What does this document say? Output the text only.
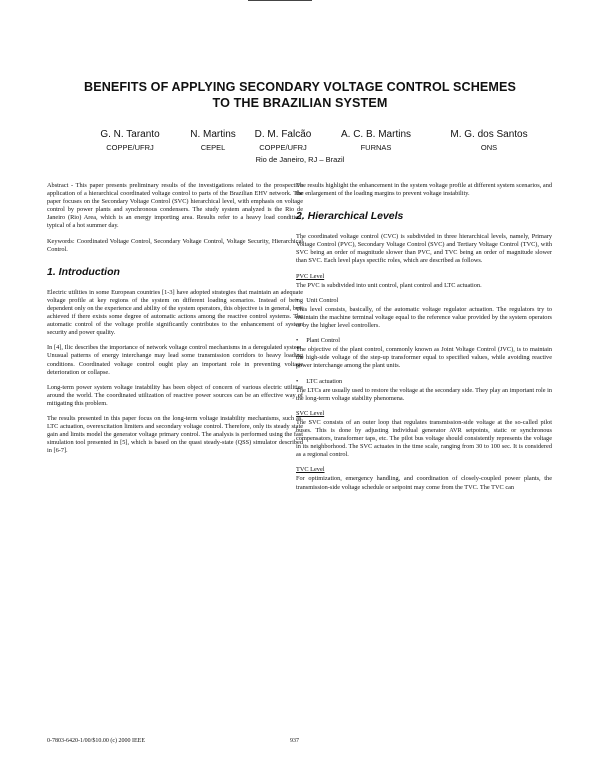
BENEFITS OF APPLYING SECONDARY VOLTAGE CONTROL SCHEMES
TO THE BRAZILIAN SYSTEM
G. N. Taranto
COPPE/UFRJ
N. Martins
CEPEL
D. M. Falcão
COPPE/UFRJ
A. C. B. Martins
FURNAS
M. G. dos Santos
ONS
Rio de Janeiro, RJ – Brazil

Abstract - This paper presents preliminary results of the investigations related to the prospective application of a hierarchical coordinated voltage control to parts of the Brazilian EHV network. The paper focuses on the Secondary Voltage Control (SVC) hierarchical level, with emphasis on voltage control by power plants and synchronous condensers. The study system analyzed is the Rio de Janeiro (Rio) Area, which is an energy importing area. Results refer to a heavy load condition, typical of a hot summer day.

Keywords: Coordinated Voltage Control, Secondary Voltage Control, Voltage Security, Hierarchical Control.

1. Introduction

Electric utilities in some European countries [1-3] have adopted strategies that maintain an adequate voltage profile at key regions of the system on different loading scenarios. Instead of being dependent only on the experience and ability of the system operators, this objective is in general, best achieved if there exists some degree of automatic actions among the reactive control systems. The automatic control of the voltage profile significantly contributes to the enhancement of system security and power quality.

In [4], Ilic describes the importance of network voltage control mechanisms in a deregulated system. Unusual patterns of energy interchange may lead some transmission corridors to heavy loading conditions. Coordinated voltage control ought play an important role in preventing voltage deterioration or collapse.

Long-term power system voltage instability has been object of concern of various electric utilities around the world. The coordinated utilization of reactive power sources can be an effective way of mitigating this problem.

The results presented in this paper focus on the long-term voltage instability mechanisms, such as, LTC actuation, overexcitation limiters and secondary voltage control. Therefore, only its steady state gain and limits model the generator voltage primary control. The analysis is performed using the fast simulation tool presented in [5], which is based on the quasi steady-state (QSS) simulator described in [6-7].

The results highlight the enhancement in the system voltage profile at different system scenarios, and the enlargement of the loading margins to prevent voltage instability.

2. Hierarchical Levels

The coordinated voltage control (CVC) is subdivided in three hierarchical levels, namely, Primary Voltage Control (PVC), Secondary Voltage Control (SVC) and Tertiary Voltage Control (TVC), with SVC being an order of magnitude slower than PVC, and TVC being an order of magnitude slower than SVC. Each level plays specific roles, which are described as follows.

PVC Level

The PVC is subdivided into unit control, plant control and LTC actuation.

• Unit Control

This level consists, basically, of the automatic voltage regulator actuation. The regulators try to maintain the machine terminal voltage equal to the reference value provided by the system operators or by the higher level controllers.

• Plant Control

The objective of the plant control, commonly known as Joint Voltage Control (JVC), is to maintain the high-side voltage of the step-up transformer equal to specified values, while avoiding reactive power interchange among the plant units.

• LTC actuation

The LTCs are usually used to restore the voltage at the secondary side. They play an important role in the long-term voltage stability phenomena.

SVC Level

The SVC consists of an outer loop that regulates transmission-side voltage at the so-called pilot buses. This is done by adjusting individual generator AVR setpoints, static or synchronous compensators, transformer taps, etc. The pilot bus voltage should consistently represents the voltage in its neighborhood. The SVC actuates in the time scale, ranging from 30 to 100 sec. It is considered as a regional control.

TVC Level

For optimization, emergency handling, and coordination of closely-coupled power plants, the transmission-side voltage schedule or setpoint may come from the TVC. The TVC can

0-7803-6420-1/00/$10.00 (c) 2000 IEEE	937
